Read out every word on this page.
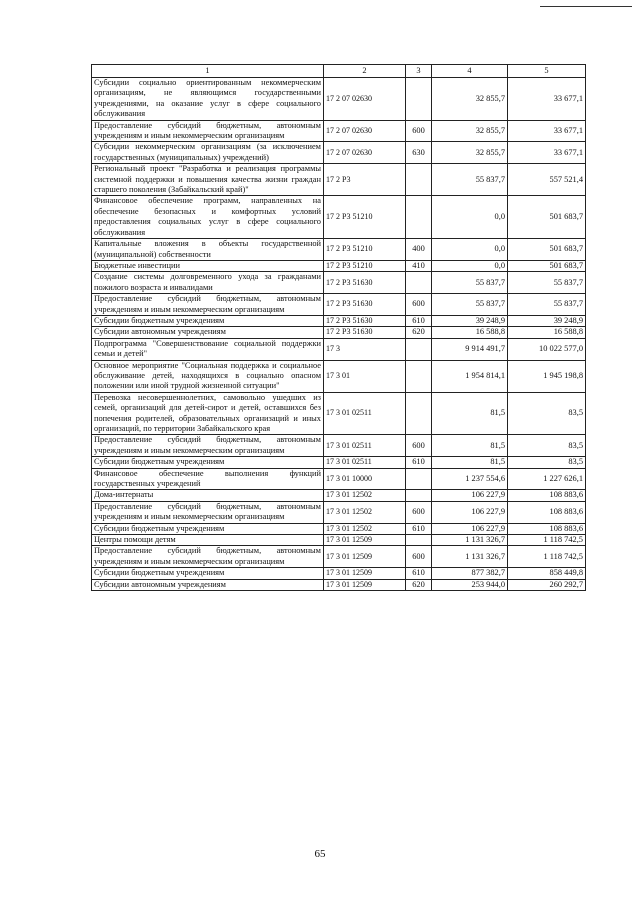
1	2	3	4	5
Субсидии социально ориентированным некоммерческим организациям, не являющимся государственными учреждениями, на оказание услуг в сфере социального обслуживания	17 2 07 02630		32 855,7	33 677,1
Предоставление субсидий бюджетным, автономным учреждениям и иным некоммерческим организациям	17 2 07 02630	600	32 855,7	33 677,1
Субсидии некоммерческим организациям (за исключением государственных (муниципальных) учреждений)	17 2 07 02630	630	32 855,7	33 677,1
Региональный проект "Разработка и реализация программы системной поддержки и повышения качества жизни граждан старшего поколения (Забайкальский край)"	17 2 P3		55 837,7	557 521,4
Финансовое обеспечение программ, направленных на обеспечение безопасных и комфортных условий предоставления социальных услуг в сфере социального обслуживания	17 2 P3 51210		0,0	501 683,7
Капитальные вложения в объекты государственной (муниципальной) собственности	17 2 P3 51210	400	0,0	501 683,7
Бюджетные инвестиции	17 2 P3 51210	410	0,0	501 683,7
Создание системы долговременного ухода за гражданами пожилого возраста и инвалидами	17 2 P3 51630		55 837,7	55 837,7
Предоставление субсидий бюджетным, автономным учреждениям и иным некоммерческим организациям	17 2 P3 51630	600	55 837,7	55 837,7
Субсидии бюджетным учреждениям	17 2 P3 51630	610	39 248,9	39 248,9
Субсидии автономным учреждениям	17 2 P3 51630	620	16 588,8	16 588,8
Подпрограмма "Совершенствование социальной поддержки семьи и детей"	17 3		9 914 491,7	10 022 577,0
Основное мероприятие "Социальная поддержка и социальное обслуживание детей, находящихся в социально опасном положении или иной трудной жизненной ситуации"	17 3 01		1 954 814,1	1 945 198,8
Перевозка несовершеннолетних, самовольно ушедших из семей, организаций для детей-сирот и детей, оставшихся без попечения родителей, образовательных организаций и иных организаций, по территории Забайкальского края	17 3 01 02511		81,5	83,5
Предоставление субсидий бюджетным, автономным учреждениям и иным некоммерческим организациям	17 3 01 02511	600	81,5	83,5
Субсидии бюджетным учреждениям	17 3 01 02511	610	81,5	83,5
Финансовое обеспечение выполнения функций государственных учреждений	17 3 01 10000		1 237 554,6	1 227 626,1
Дома-интернаты	17 3 01 12502		106 227,9	108 883,6
Предоставление субсидий бюджетным, автономным учреждениям и иным некоммерческим организациям	17 3 01 12502	600	106 227,9	108 883,6
Субсидии бюджетным учреждениям	17 3 01 12502	610	106 227,9	108 883,6
Центры помощи детям	17 3 01 12509		1 131 326,7	1 118 742,5
Предоставление субсидий бюджетным, автономным учреждениям и иным некоммерческим организациям	17 3 01 12509	600	1 131 326,7	1 118 742,5
Субсидии бюджетным учреждениям	17 3 01 12509	610	877 382,7	858 449,8
Субсидии автономным учреждениям	17 3 01 12509	620	253 944,0	260 292,7
65
